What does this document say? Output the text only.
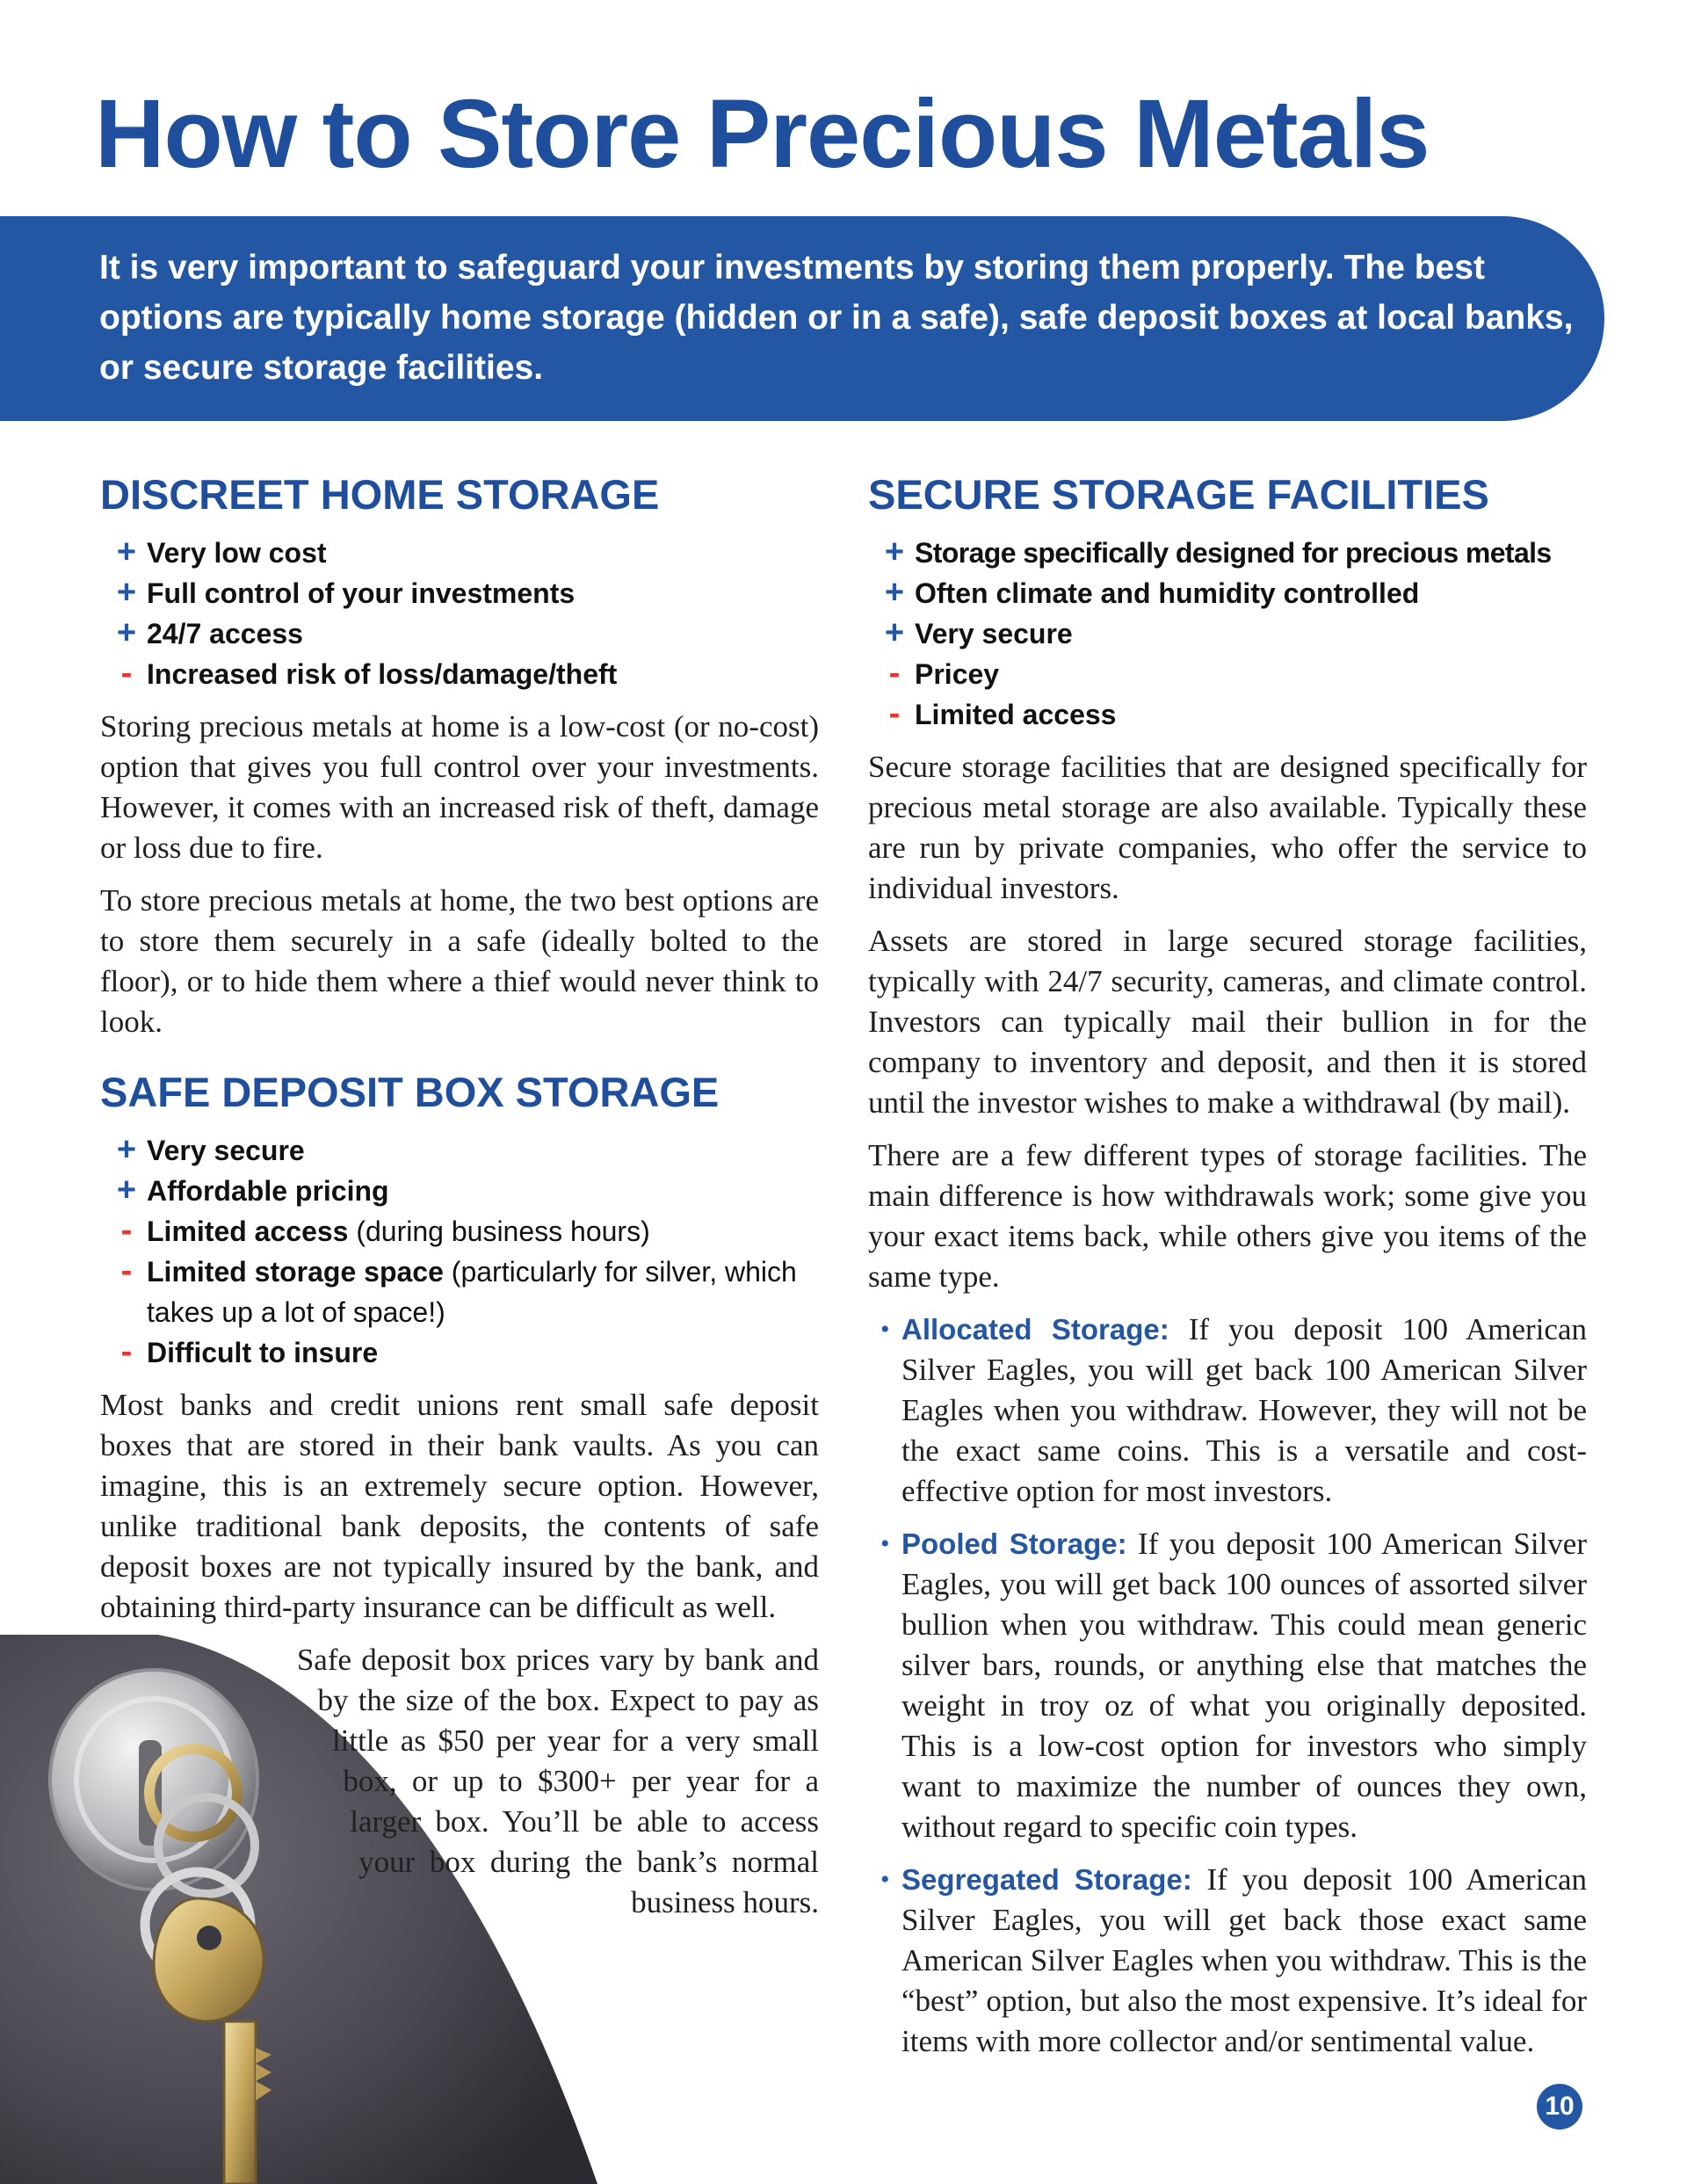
How to Store Precious Metals

It is very important to safeguard your investments by storing them properly. The best options are typically home storage (hidden or in a safe), safe deposit boxes at local banks, or secure storage facilities.

DISCREET HOME STORAGE
+ Very low cost
+ Full control of your investments
+ 24/7 access
- Increased risk of loss/damage/theft

Storing precious metals at home is a low-cost (or no-cost) option that gives you full control over your investments. However, it comes with an increased risk of theft, damage or loss due to fire.

To store precious metals at home, the two best options are to store them securely in a safe (ideally bolted to the floor), or to hide them where a thief would never think to look.

SAFE DEPOSIT BOX STORAGE
+ Very secure
+ Affordable pricing
- Limited access (during business hours)
- Limited storage space (particularly for silver, which takes up a lot of space!)
- Difficult to insure

Most banks and credit unions rent small safe deposit boxes that are stored in their bank vaults. As you can imagine, this is an extremely secure option. However, unlike traditional bank deposits, the contents of safe deposit boxes are not typically insured by the bank, and obtaining third-party insurance can be difficult as well.

Safe deposit box prices vary by bank and by the size of the box. Expect to pay as little as $50 per year for a very small box, or up to $300+ per year for a larger box. You’ll be able to access your box during the bank’s normal business hours.

SECURE STORAGE FACILITIES
+ Storage specifically designed for precious metals
+ Often climate and humidity controlled
+ Very secure
- Pricey
- Limited access

Secure storage facilities that are designed specifically for precious metal storage are also available. Typically these are run by private companies, who offer the service to individual investors.

Assets are stored in large secured storage facilities, typically with 24/7 security, cameras, and climate control. Investors can typically mail their bullion in for the company to inventory and deposit, and then it is stored until the investor wishes to make a withdrawal (by mail).

There are a few different types of storage facilities. The main difference is how withdrawals work; some give you your exact items back, while others give you items of the same type.

• Allocated Storage: If you deposit 100 American Silver Eagles, you will get back 100 American Silver Eagles when you withdraw. However, they will not be the exact same coins. This is a versatile and cost-effective option for most investors.
• Pooled Storage: If you deposit 100 American Silver Eagles, you will get back 100 ounces of assorted silver bullion when you withdraw. This could mean generic silver bars, rounds, or anything else that matches the weight in troy oz of what you originally deposited. This is a low-cost option for investors who simply want to maximize the number of ounces they own, without regard to specific coin types.
• Segregated Storage: If you deposit 100 American Silver Eagles, you will get back those exact same American Silver Eagles when you withdraw. This is the “best” option, but also the most expensive. It’s ideal for items with more collector and/or sentimental value.
10
